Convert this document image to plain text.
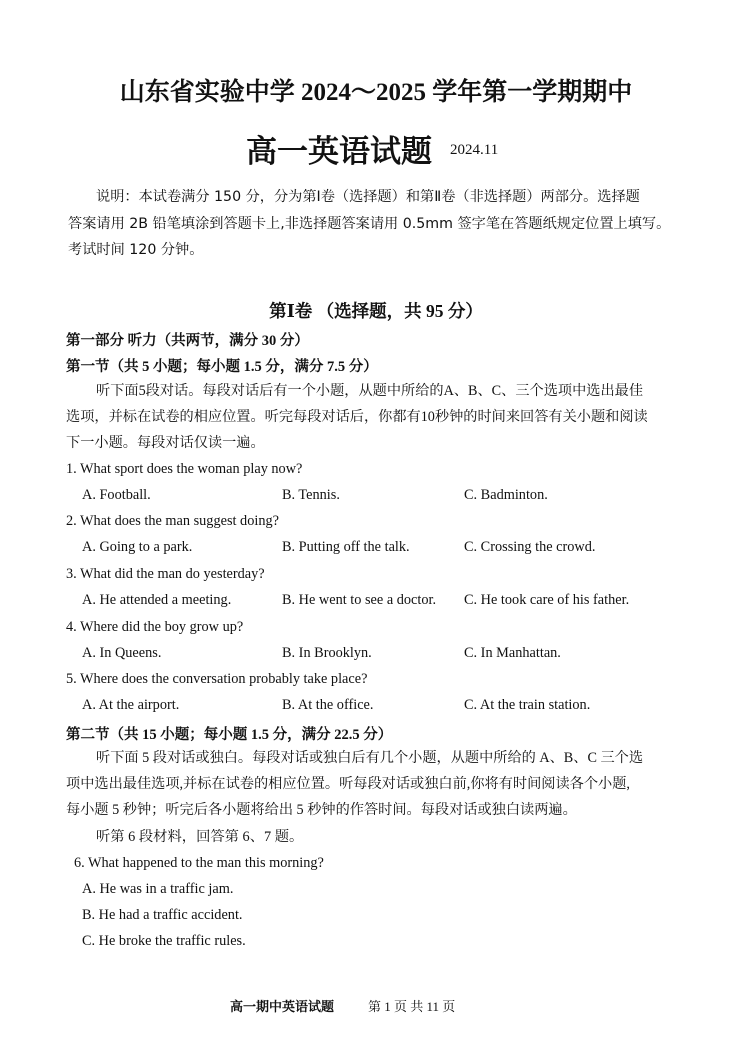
山东省实验中学 2024～2025 学年第一学期期中
高一英语试题 2024.11

说明：本试卷满分 150 分，分为第Ⅰ卷（选择题）和第Ⅱ卷（非选择题）两部分。选择题

答案请用 2B 铅笔填涂到答题卡上,非选择题答案请用 0.5mm 签字笔在答题纸规定位置上填写。

考试时间 120 分钟。

第Ⅰ卷 （选择题，共 95 分）
第一部分 听力（共两节，满分 30 分）
第一节（共 5 小题；每小题 1.5 分，满分 7.5 分）

听下面5段对话。每段对话后有一个小题，从题中所给的A、B、C、三个选项中选出最佳

选项，并标在试卷的相应位置。听完每段对话后，你都有10秒钟的时间来回答有关小题和阅读

下一小题。每段对话仅读一遍。

1. What sport does the woman play now?
A. Football.	B. Tennis.	C. Badminton.
2. What does the man suggest doing?
A. Going to a park.	B. Putting off the talk.	C. Crossing the crowd.
3. What did the man do yesterday?
A. He attended a meeting.	B. He went to see a doctor. C. He took care of his father.
4. Where did the boy grow up?
A. In Queens.	B. In Brooklyn.	C. In Manhattan.
5. Where does the conversation probably take place?
A. At the airport.	B. At the office.	C. At the train station.
第二节（共 15 小题；每小题 1.5 分，满分 22.5 分）

听下面 5 段对话或独白。每段对话或独白后有几个小题，从题中所给的 A、B、C 三个选

项中选出最佳选项,并标在试卷的相应位置。听每段对话或独白前,你将有时间阅读各个小题,

每小题 5 秒钟；听完后各小题将给出 5 秒钟的作答时间。每段对话或独白读两遍。

听第 6 段材料，回答第 6、7 题。
6. What happened to the man this morning?
A. He was in a traffic jam.
B. He had a traffic accident.
C. He broke the traffic rules.
高一期中英语试题	第 1 页 共 11 页
